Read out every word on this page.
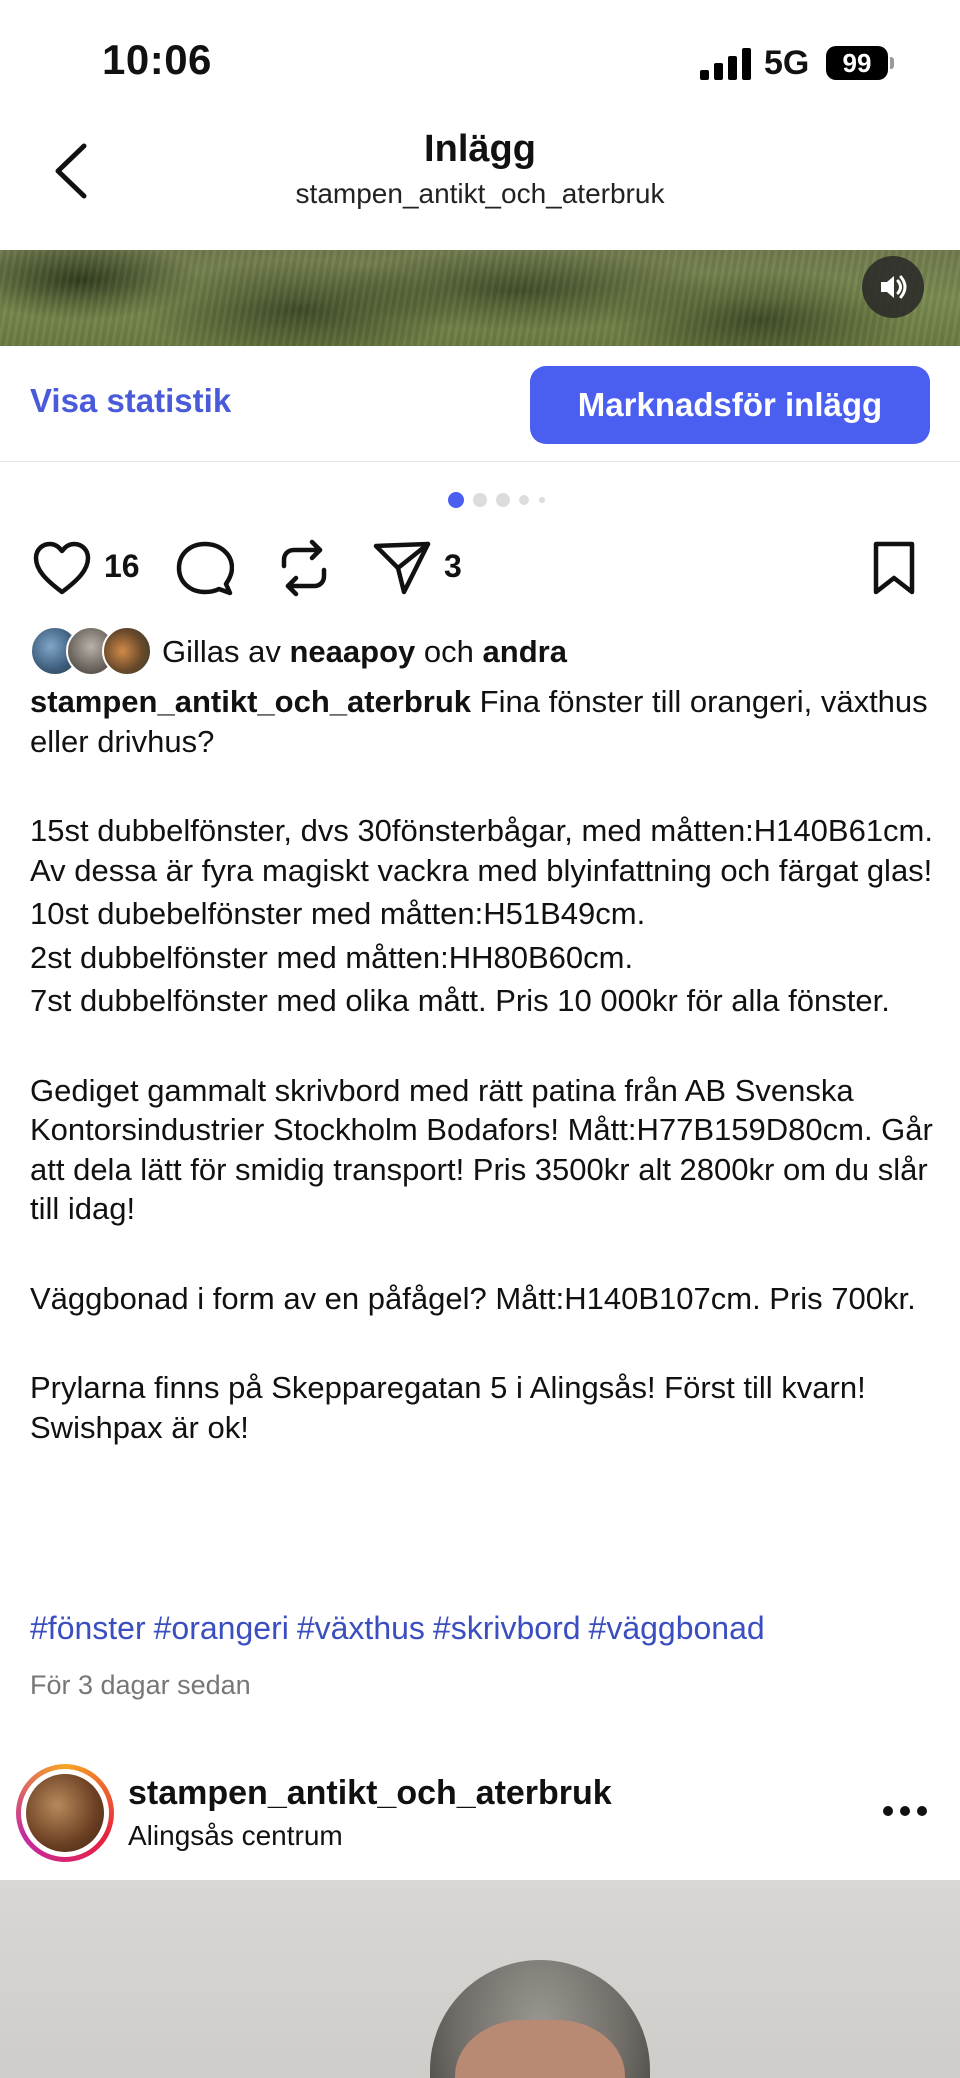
10:06	5G	99
Inlägg
stampen_antikt_och_aterbruk
Visa statistik	Marknadsför inlägg
16	3
Gillas av neaapoy och andra

stampen_antikt_och_aterbruk Fina fönster till orangeri, växthus eller drivhus?

15st dubbelfönster, dvs 30fönsterbågar, med måtten:H140B61cm. Av dessa är fyra magiskt vackra med blyinfattning och färgat glas!

10st dubebelfönster med måtten:H51B49cm.

2st dubbelfönster med måtten:HH80B60cm.

7st dubbelfönster med olika mått. Pris 10 000kr för alla fönster.

Gediget gammalt skrivbord med rätt patina från AB Svenska Kontorsindustrier Stockholm Bodafors! Mått:H77B159D80cm. Går att dela lätt för smidig transport! Pris 3500kr alt 2800kr om du slår till idag!

Väggbonad i form av en påfågel? Mått:H140B107cm. Pris 700kr.

Prylarna finns på Skepparegatan 5 i Alingsås! Först till kvarn! Swishpax är ok!

#fönster #orangeri #växthus #skrivbord #väggbonad
För 3 dagar sedan
stampen_antikt_och_aterbruk
Alingsås centrum
